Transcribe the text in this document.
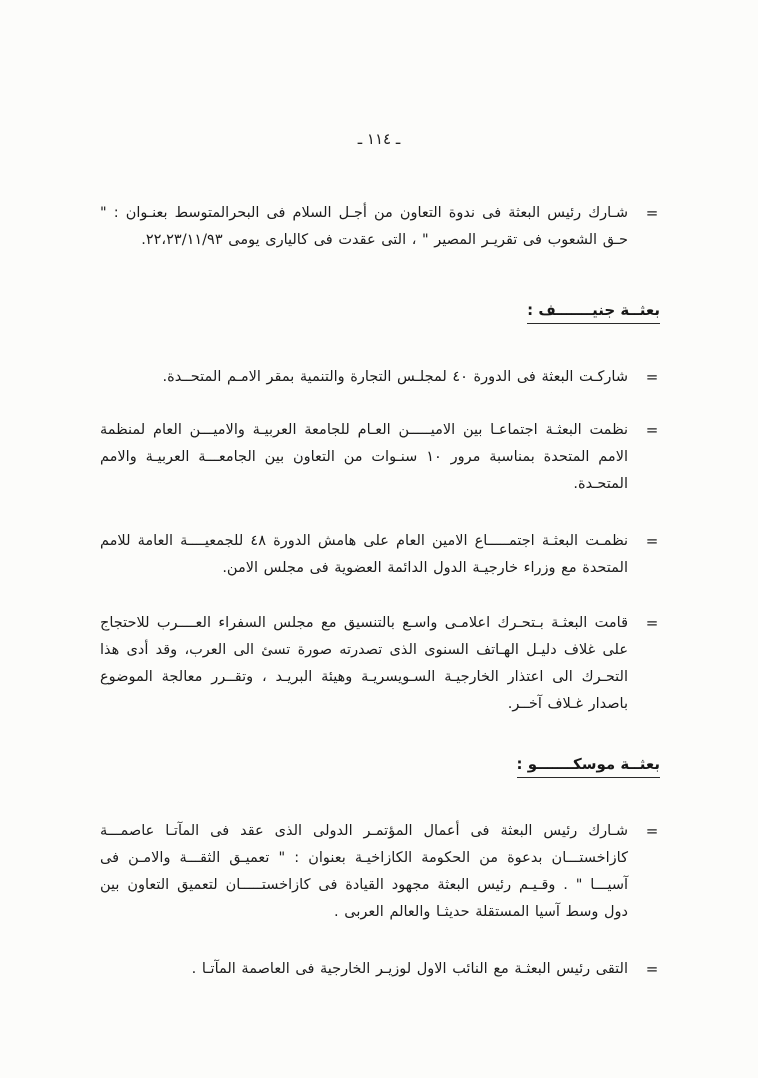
ـ ١١٤ ـ
=

شـارك رئيس البعثة فى ندوة التعاون من أجـل السلام فى البحرالمتوسط بعنـوان : " حـق الشعوب فى تقريـر المصير " ، التى عقدت فى كاليارى يومى ٢٢،٢٣/١١/٩٣.

بعثــة جنيـــــــف :
=

شاركـت البعثة فى الدورة ٤٠ لمجلـس التجارة والتنمية بمقر الامـم المتحــدة.

=

نظمت البعثـة اجتماعـا بين الاميـــــن العـام للجامعة العربيـة والاميـــن العام لمنظمة الامم المتحدة بمناسبة مرور ١٠ سنـوات من التعاون بين الجامعـــة العربيـة والامم المتحـدة.

=

نظمـت البعثـة اجتمـــــاع الامين العام على هامش الدورة ٤٨ للجمعيــــة العامة للامم المتحدة مع وزراء خارجيـة الدول الدائمة العضوية فى مجلس الامن.

=

قامت البعثـة بـتحـرك اعلامـى واسـع بالتنسيق مع مجلس السفراء العــــرب للاحتجاج على غلاف دليـل الهـاتف السنوى الذى تصدرته صورة تسئ الى العرب، وقد أدى هذا التحـرك الى اعتذار الخارجيـة السـويسريـة وهيئة البريـد ، وتقــرر معالجة الموضوع باصدار غـلاف آخــر.

بعثــة موسكـــــــو :
=

شـارك رئيس البعثة فى أعمال المؤتمـر الدولى الذى عقد فى المآتـا عاصمـــة كازاخستـــان بدعوة من الحكومة الكازاخيـة بعنوان : " تعميـق الثقـــة والامـن فى آسيـــا " . وقـيـم رئيس البعثة مجهود القيادة فى كازاخستـــــان لتعميق التعاون بين دول وسط آسيا المستقلة حديثـا والعالم العربى .

=

التقى رئيس البعثـة مع النائب الاول لوزيـر الخارجية فى العاصمة المآتـا .
